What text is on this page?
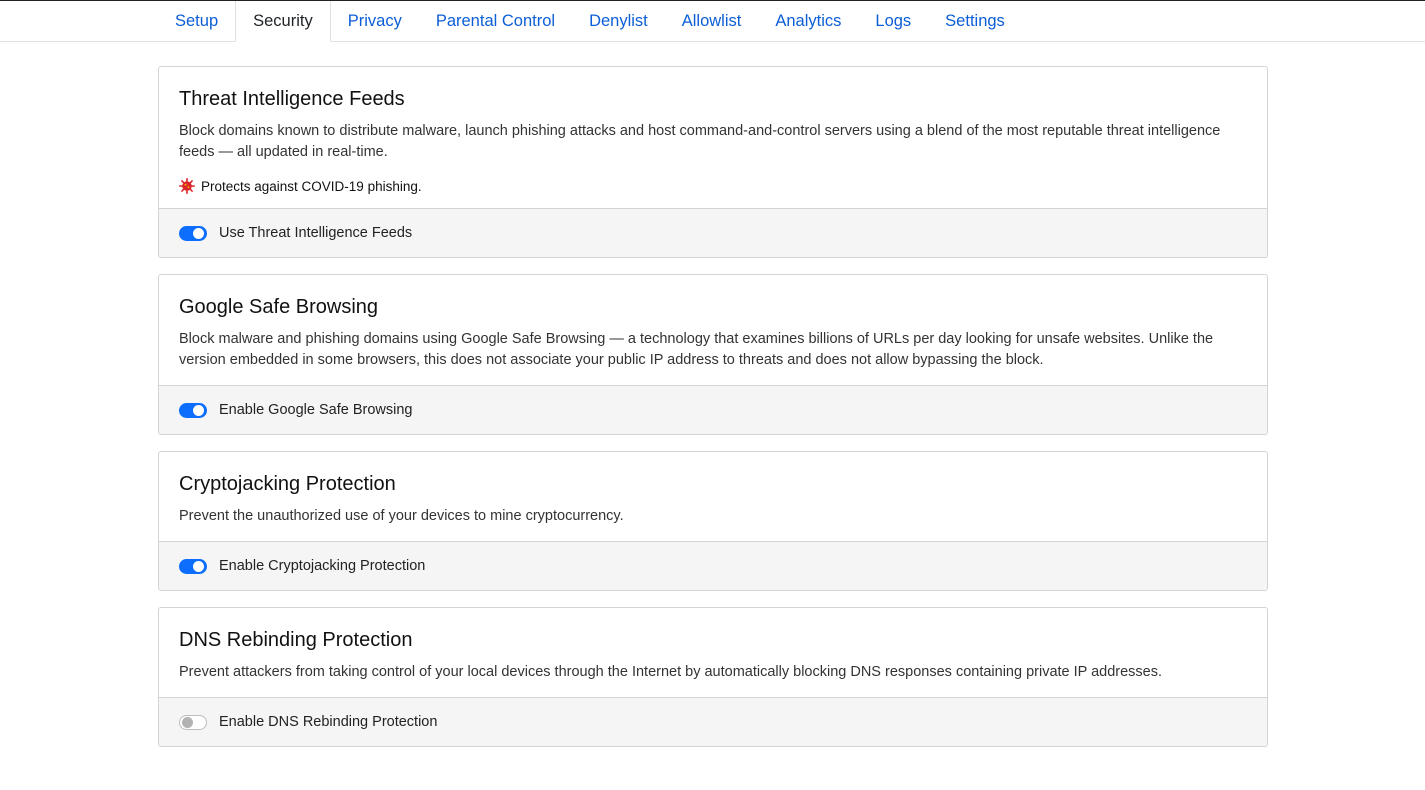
Setup	Security	Privacy	Parental Control	Denylist	Allowlist	Analytics	Logs	Settings
Threat Intelligence Feeds

Block domains known to distribute malware, launch phishing attacks and host command-and-control servers using a blend of the most reputable threat intelligence feeds — all updated in real-time.

Protects against COVID-19 phishing.
Use Threat Intelligence Feeds
Google Safe Browsing

Block malware and phishing domains using Google Safe Browsing — a technology that examines billions of URLs per day looking for unsafe websites. Unlike the version embedded in some browsers, this does not associate your public IP address to threats and does not allow bypassing the block.

Enable Google Safe Browsing
Cryptojacking Protection

Prevent the unauthorized use of your devices to mine cryptocurrency.

Enable Cryptojacking Protection
DNS Rebinding Protection

Prevent attackers from taking control of your local devices through the Internet by automatically blocking DNS responses containing private IP addresses.

Enable DNS Rebinding Protection
